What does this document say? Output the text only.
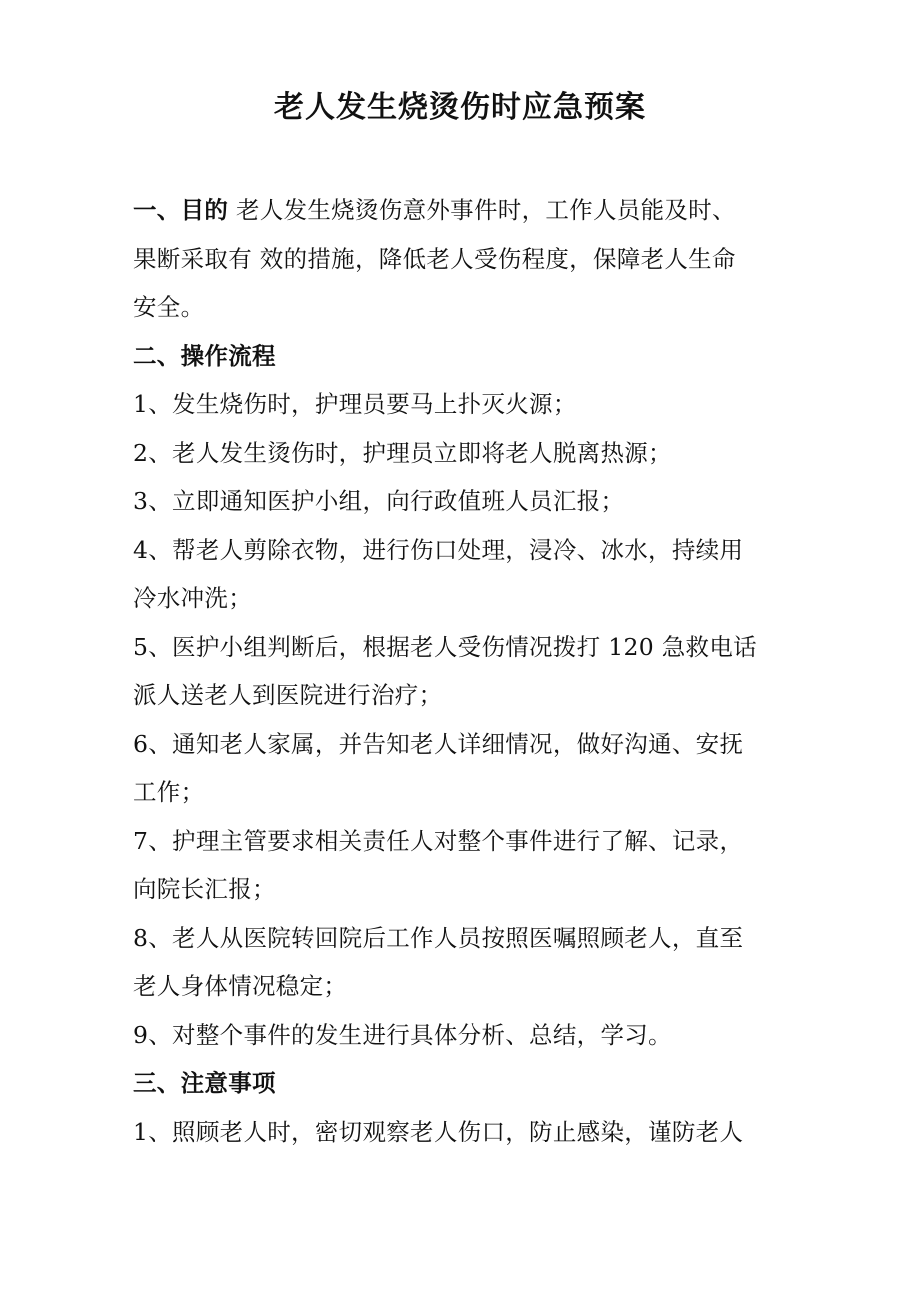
老人发生烧烫伤时应急预案
一、目的 老人发生烧烫伤意外事件时，工作人员能及时、
果断采取有 效的措施，降低老人受伤程度，保障老人生命
安全。
二、操作流程
1、发生烧伤时，护理员要马上扑灭火源；
2、老人发生烫伤时，护理员立即将老人脱离热源；
3、立即通知医护小组，向行政值班人员汇报；
4、帮老人剪除衣物，进行伤口处理，浸冷、冰水，持续用
冷水冲洗；
5、医护小组判断后，根据老人受伤情况拨打 120 急救电话
派人送老人到医院进行治疗；
6、通知老人家属，并告知老人详细情况，做好沟通、安抚
工作；
7、护理主管要求相关责任人对整个事件进行了解、记录，
向院长汇报；
8、老人从医院转回院后工作人员按照医嘱照顾老人，直至
老人身体情况稳定；
9、对整个事件的发生进行具体分析、总结，学习。
三、注意事项
1、照顾老人时，密切观察老人伤口，防止感染，谨防老人
